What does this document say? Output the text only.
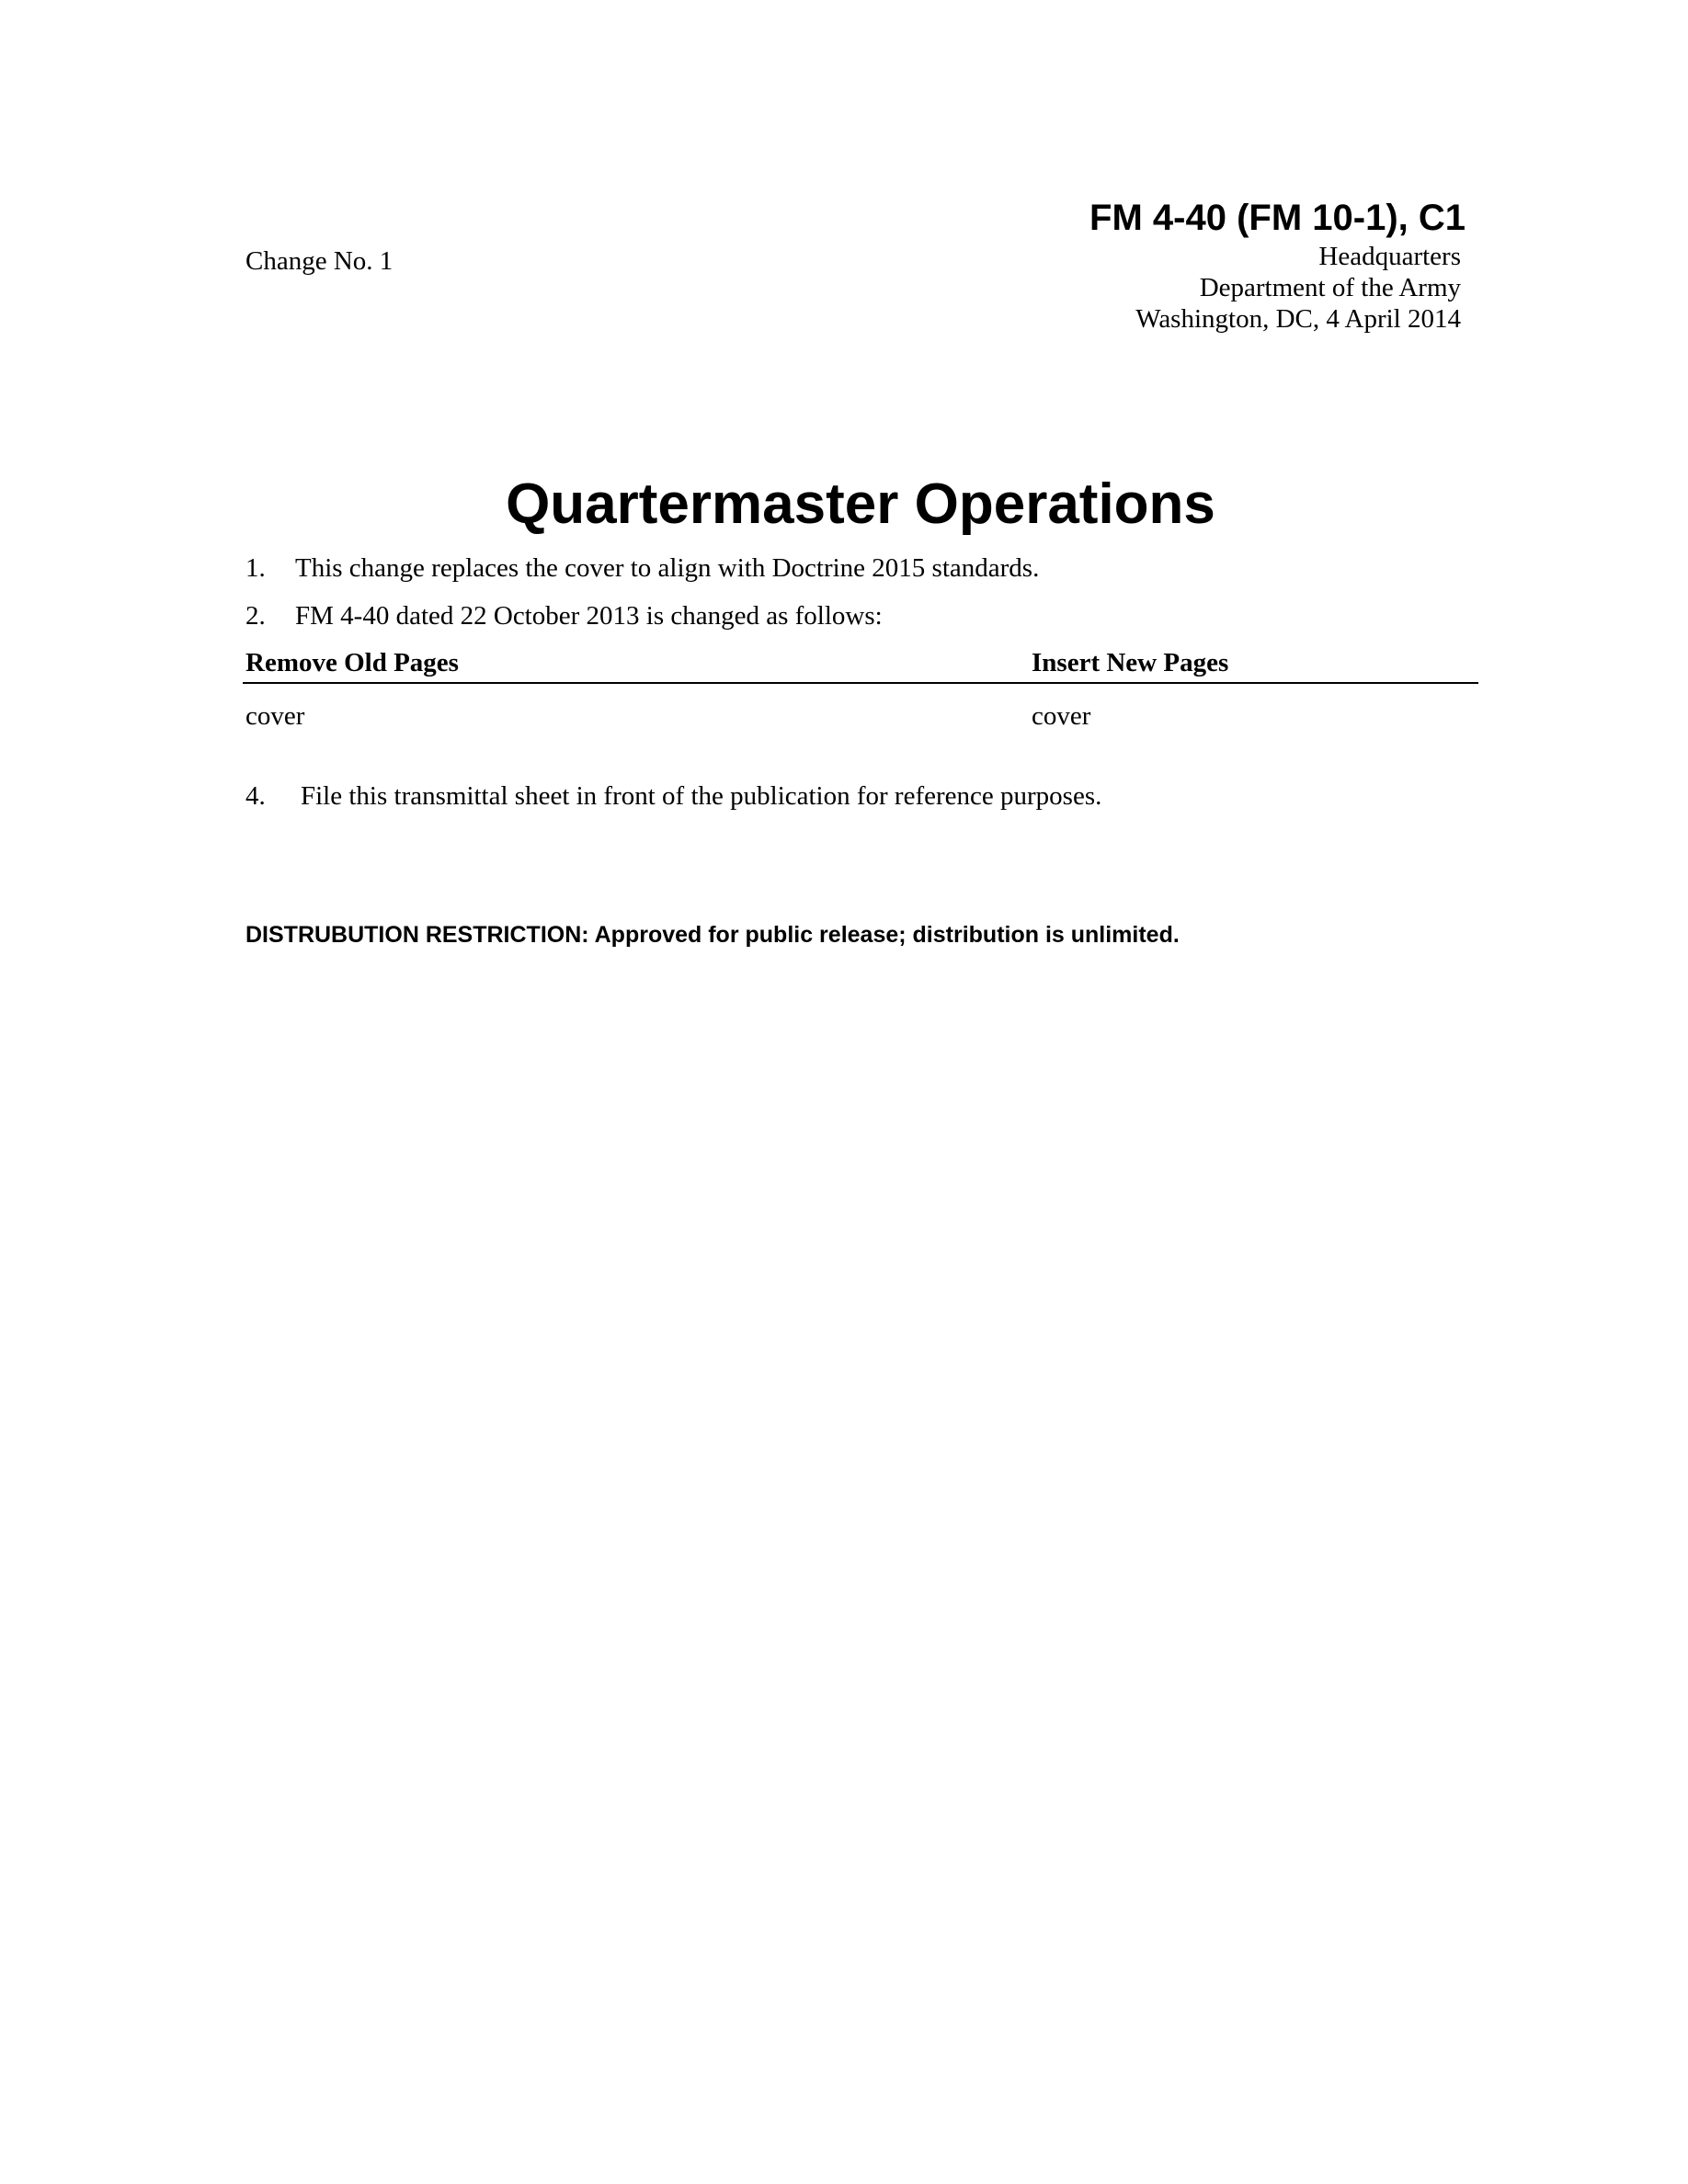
FM 4-40 (FM 10-1), C1
Change No. 1	Headquarters
Department of the Army
Washington, DC, 4 April 2014
Quartermaster Operations
1. This change replaces the cover to align with Doctrine 2015 standards.
2. FM 4-40 dated 22 October 2013 is changed as follows:
Remove Old Pages	Insert New Pages
cover	cover
4. File this transmittal sheet in front of the publication for reference purposes.
DISTRUBUTION RESTRICTION: Approved for public release; distribution is unlimited.
